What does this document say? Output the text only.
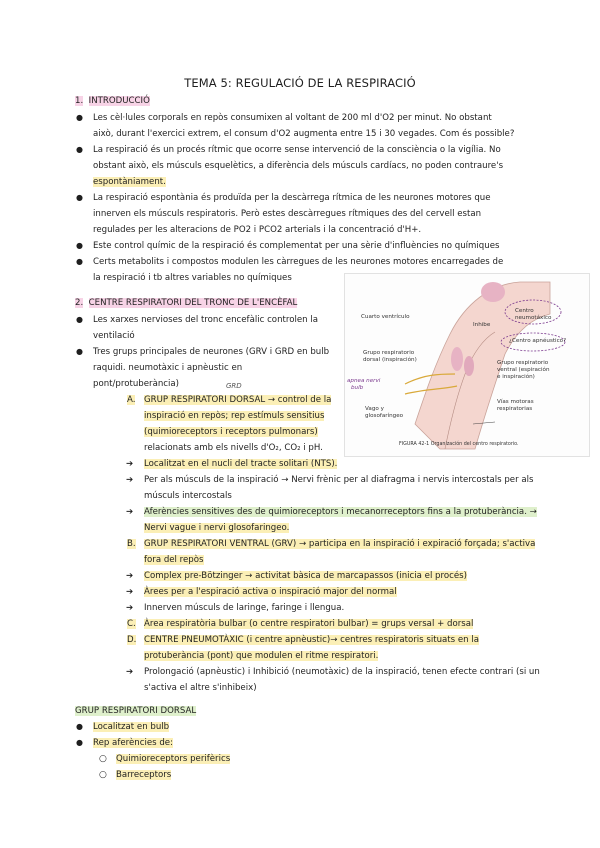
TEMA 5: REGULACIÓ DE LA RESPIRACIÓ
1. INTRODUCCIÓ
● Les cèl·lules corporals en repòs consumixen al voltant de 200 ml d'O2 per minut. No obstant
això, durant l'exercici extrem, el consum d'O2 augmenta entre 15 i 30 vegades. Com és possible?
● La respiració és un procés rítmic que ocorre sense intervenció de la consciència o la vigília. No
obstant això, els músculs esquelètics, a diferència dels músculs cardíacs, no poden contraure's
espontàniament.
● La respiració espontània és produïda per la descàrrega rítmica de les neurones motores que
innerven els músculs respiratoris. Però estes descàrregues rítmiques des del cervell estan
regulades per les alteracions de PO2 i PCO2 arterials i la concentració d'H+.
● Este control químic de la respiració és complementat per una sèrie d'influències no químiques
● Certs metabolits i compostos modulen les càrregues de les neurones motores encarregades de
la respiració i tb altres variables no químiques
2. CENTRE RESPIRATORI DEL TRONC DE L'ENCÈFAL
● Les xarxes nervioses del tronc encefàlic controlen la
ventilació
● Tres grups principales de neurones (GRV i GRD en bulb
raquidi. neumotàxic i apnèustic en
pont/protuberància)	GRD
A. GRUP RESPIRATORI DORSAL → control de la
inspiració en repòs; rep estímuls sensitius
(quimioreceptors i receptors pulmonars)
relacionats amb els nivells d'O₂, CO₂ i pH.
➔ Localitzat en el nucli del tracte solitari (NTS).
➔ Per als músculs de la inspiració → Nervi frènic per al diafragma i nervis intercostals per als
músculs intercostals
➔ Aferències sensitives des de quimioreceptors i mecanorreceptors fins a la protuberància. →
Nervi vague i nervi glosofaringeo.
B. GRUP RESPIRATORI VENTRAL (GRV) → participa en la inspiració i expiració forçada; s'activa
fora del repòs
➔ Complex pre-Bötzinger → activitat bàsica de marcapassos (inicia el procés)
➔ Àrees per a l'espiració activa o inspiració major del normal
➔ Innerven músculs de laringe, faringe i llengua.
C. Àrea respiratòria bulbar (o centre respiratori bulbar) = grups versal + dorsal
D. CENTRE PNEUMOTÀXIC (i centre apnèustic)→ centres respiratoris situats en la
protuberància (pont) que modulen el ritme respiratori.
➔ Prolongació (apnèustic) i Inhibició (neumotàxic) de la inspiració, tenen efecte contrari (si un
s'activa el altre s'inhibeix)
GRUP RESPIRATORI DORSAL
● Localitzat en bulb
● Rep aferències de:
○ Quimioreceptors perifèrics
○ Barreceptors
Cuarto ventrículo
Inhibe
Centro neumotáxico
¿Centro apnéustico?
Grupo respiratorio
dorsal (inspiración)	Grupo respiratorio
ventral (espiración
e inspiración)
Vago y
glosofaríngeo
Vías motoras
respiratorias
FIGURA 42-1 Organización del centro respiratorio.
apnea nervi
bulb
